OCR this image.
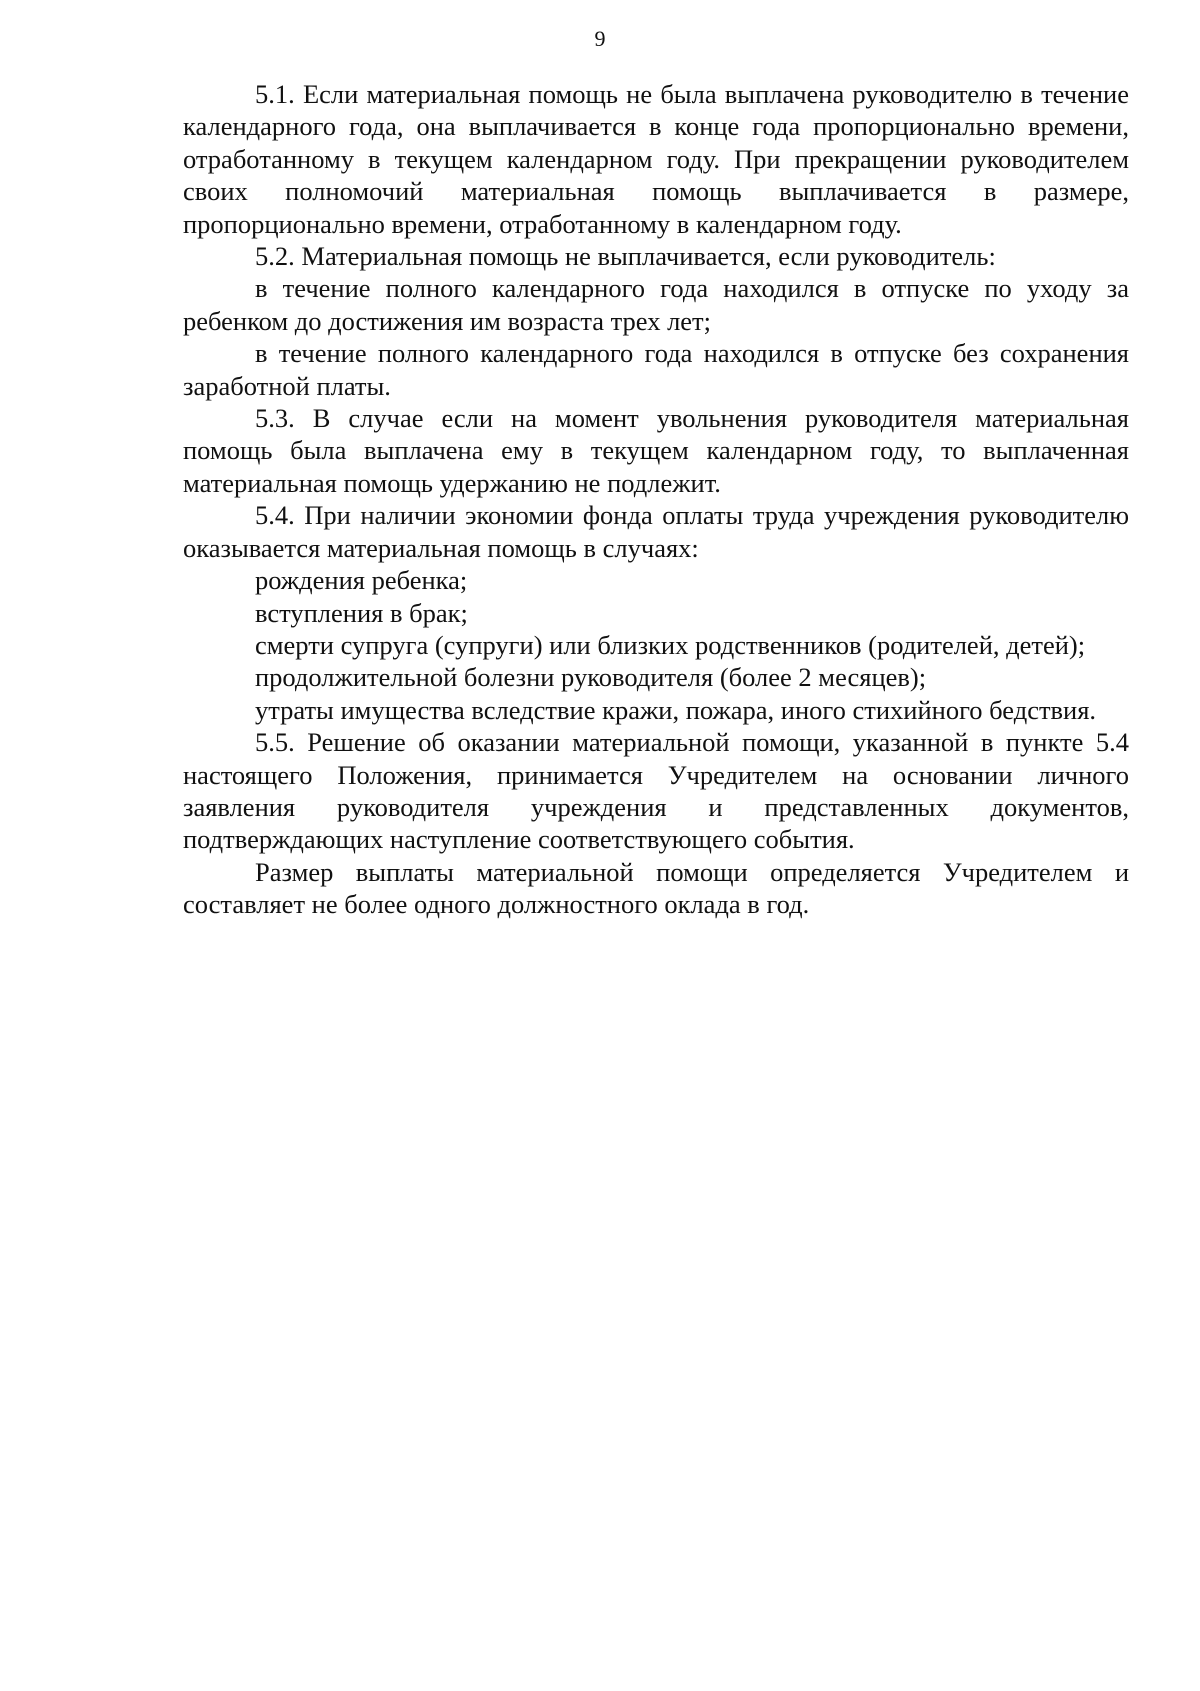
9

5.1. Если материальная помощь не была выплачена руководителю в течение календарного года, она выплачивается в конце года пропорционально времени, отработанному в текущем календарном году. При прекращении руководителем своих полномочий материальная помощь выплачивается в размере, пропорционально времени, отработанному в календарном году.

5.2. Материальная помощь не выплачивается, если руководитель:

в течение полного календарного года находился в отпуске по уходу за ребенком до достижения им возраста трех лет;

в течение полного календарного года находился в отпуске без сохранения заработной платы.

5.3. В случае если на момент увольнения руководителя материальная помощь была выплачена ему в текущем календарном году, то выплаченная материальная помощь удержанию не подлежит.

5.4. При наличии экономии фонда оплаты труда учреждения руководителю оказывается материальная помощь в случаях:

рождения ребенка;

вступления в брак;

смерти супруга (супруги) или близких родственников (родителей, детей);

продолжительной болезни руководителя (более 2 месяцев);

утраты имущества вследствие кражи, пожара, иного стихийного бедствия.

5.5. Решение об оказании материальной помощи, указанной в пункте 5.4 настоящего Положения, принимается Учредителем на основании личного заявления руководителя учреждения и представленных документов, подтверждающих наступление соответствующего события.

Размер выплаты материальной помощи определяется Учредителем и составляет не более одного должностного оклада в год.
